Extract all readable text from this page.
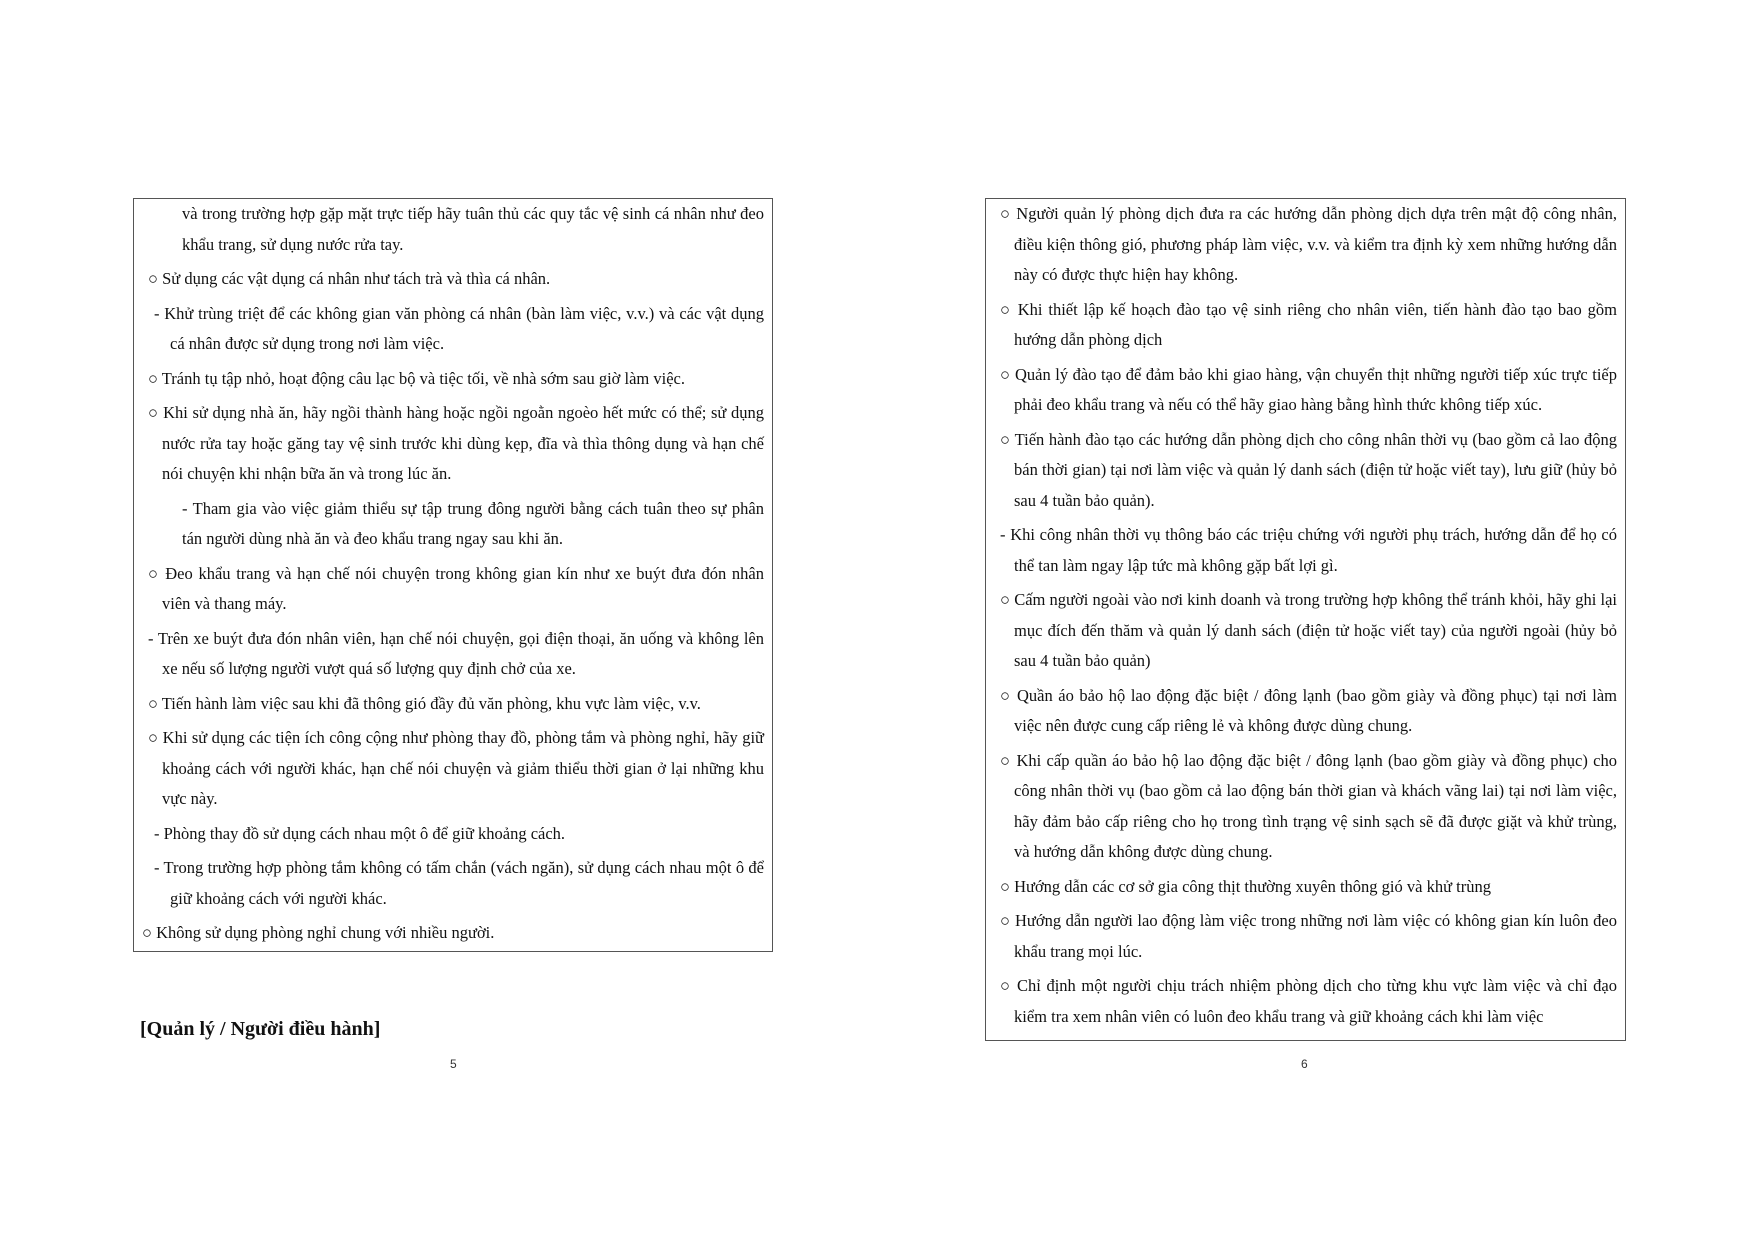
và trong trường hợp gặp mặt trực tiếp hãy tuân thủ các quy tắc vệ sinh cá nhân như đeo khẩu trang, sử dụng nước rửa tay.
○ Sử dụng các vật dụng cá nhân như tách trà và thìa cá nhân.
- Khử trùng triệt để các không gian văn phòng cá nhân (bàn làm việc, v.v.) và các vật dụng cá nhân được sử dụng trong nơi làm việc.
○ Tránh tụ tập nhỏ, hoạt động câu lạc bộ và tiệc tối, về nhà sớm sau giờ làm việc.
○ Khi sử dụng nhà ăn, hãy ngồi thành hàng hoặc ngồi ngoằn ngoèo hết mức có thể; sử dụng nước rửa tay hoặc găng tay vệ sinh trước khi dùng kẹp, đĩa và thìa thông dụng và hạn chế nói chuyện khi nhận bữa ăn và trong lúc ăn.
- Tham gia vào việc giảm thiểu sự tập trung đông người bằng cách tuân theo sự phân tán người dùng nhà ăn và đeo khẩu trang ngay sau khi ăn.
○ Đeo khẩu trang và hạn chế nói chuyện trong không gian kín như xe buýt đưa đón nhân viên và thang máy.
- Trên xe buýt đưa đón nhân viên, hạn chế nói chuyện, gọi điện thoại, ăn uống và không lên xe nếu số lượng người vượt quá số lượng quy định chở của xe.
○ Tiến hành làm việc sau khi đã thông gió đầy đủ văn phòng, khu vực làm việc, v.v.
○ Khi sử dụng các tiện ích công cộng như phòng thay đồ, phòng tắm và phòng nghỉ, hãy giữ khoảng cách với người khác, hạn chế nói chuyện và giảm thiểu thời gian ở lại những khu vực này.
- Phòng thay đồ sử dụng cách nhau một ô để giữ khoảng cách.
- Trong trường hợp phòng tắm không có tấm chắn (vách ngăn), sử dụng cách nhau một ô để giữ khoảng cách với người khác.
○ Không sử dụng phòng nghỉ chung với nhiều người.
[Quản lý / Người điều hành]
5
○ Người quản lý phòng dịch đưa ra các hướng dẫn phòng dịch dựa trên mật độ công nhân, điều kiện thông gió, phương pháp làm việc, v.v. và kiểm tra định kỳ xem những hướng dẫn này có được thực hiện hay không.
○ Khi thiết lập kế hoạch đào tạo vệ sinh riêng cho nhân viên, tiến hành đào tạo bao gồm hướng dẫn phòng dịch
○ Quản lý đào tạo để đảm bảo khi giao hàng, vận chuyển thịt những người tiếp xúc trực tiếp phải đeo khẩu trang và nếu có thể hãy giao hàng bằng hình thức không tiếp xúc.
○ Tiến hành đào tạo các hướng dẫn phòng dịch cho công nhân thời vụ (bao gồm cả lao động bán thời gian) tại nơi làm việc và quản lý danh sách (điện tử hoặc viết tay), lưu giữ (hủy bỏ sau 4 tuần bảo quản).
- Khi công nhân thời vụ thông báo các triệu chứng với người phụ trách, hướng dẫn để họ có thể tan làm ngay lập tức mà không gặp bất lợi gì.
○ Cấm người ngoài vào nơi kinh doanh và trong trường hợp không thể tránh khỏi, hãy ghi lại mục đích đến thăm và quản lý danh sách (điện tử hoặc viết tay) của người ngoài (hủy bỏ sau 4 tuần bảo quản)
○ Quần áo bảo hộ lao động đặc biệt / đông lạnh (bao gồm giày và đồng phục) tại nơi làm việc nên được cung cấp riêng lẻ và không được dùng chung.
○ Khi cấp quần áo bảo hộ lao động đặc biệt / đông lạnh (bao gồm giày và đồng phục) cho công nhân thời vụ (bao gồm cả lao động bán thời gian và khách vãng lai) tại nơi làm việc, hãy đảm bảo cấp riêng cho họ trong tình trạng vệ sinh sạch sẽ đã được giặt và khử trùng, và hướng dẫn không được dùng chung.
○ Hướng dẫn các cơ sở gia công thịt thường xuyên thông gió và khử trùng
○ Hướng dẫn người lao động làm việc trong những nơi làm việc có không gian kín luôn đeo khẩu trang mọi lúc.
○ Chỉ định một người chịu trách nhiệm phòng dịch cho từng khu vực làm việc và chỉ đạo kiểm tra xem nhân viên có luôn đeo khẩu trang và giữ khoảng cách khi làm việc
6
